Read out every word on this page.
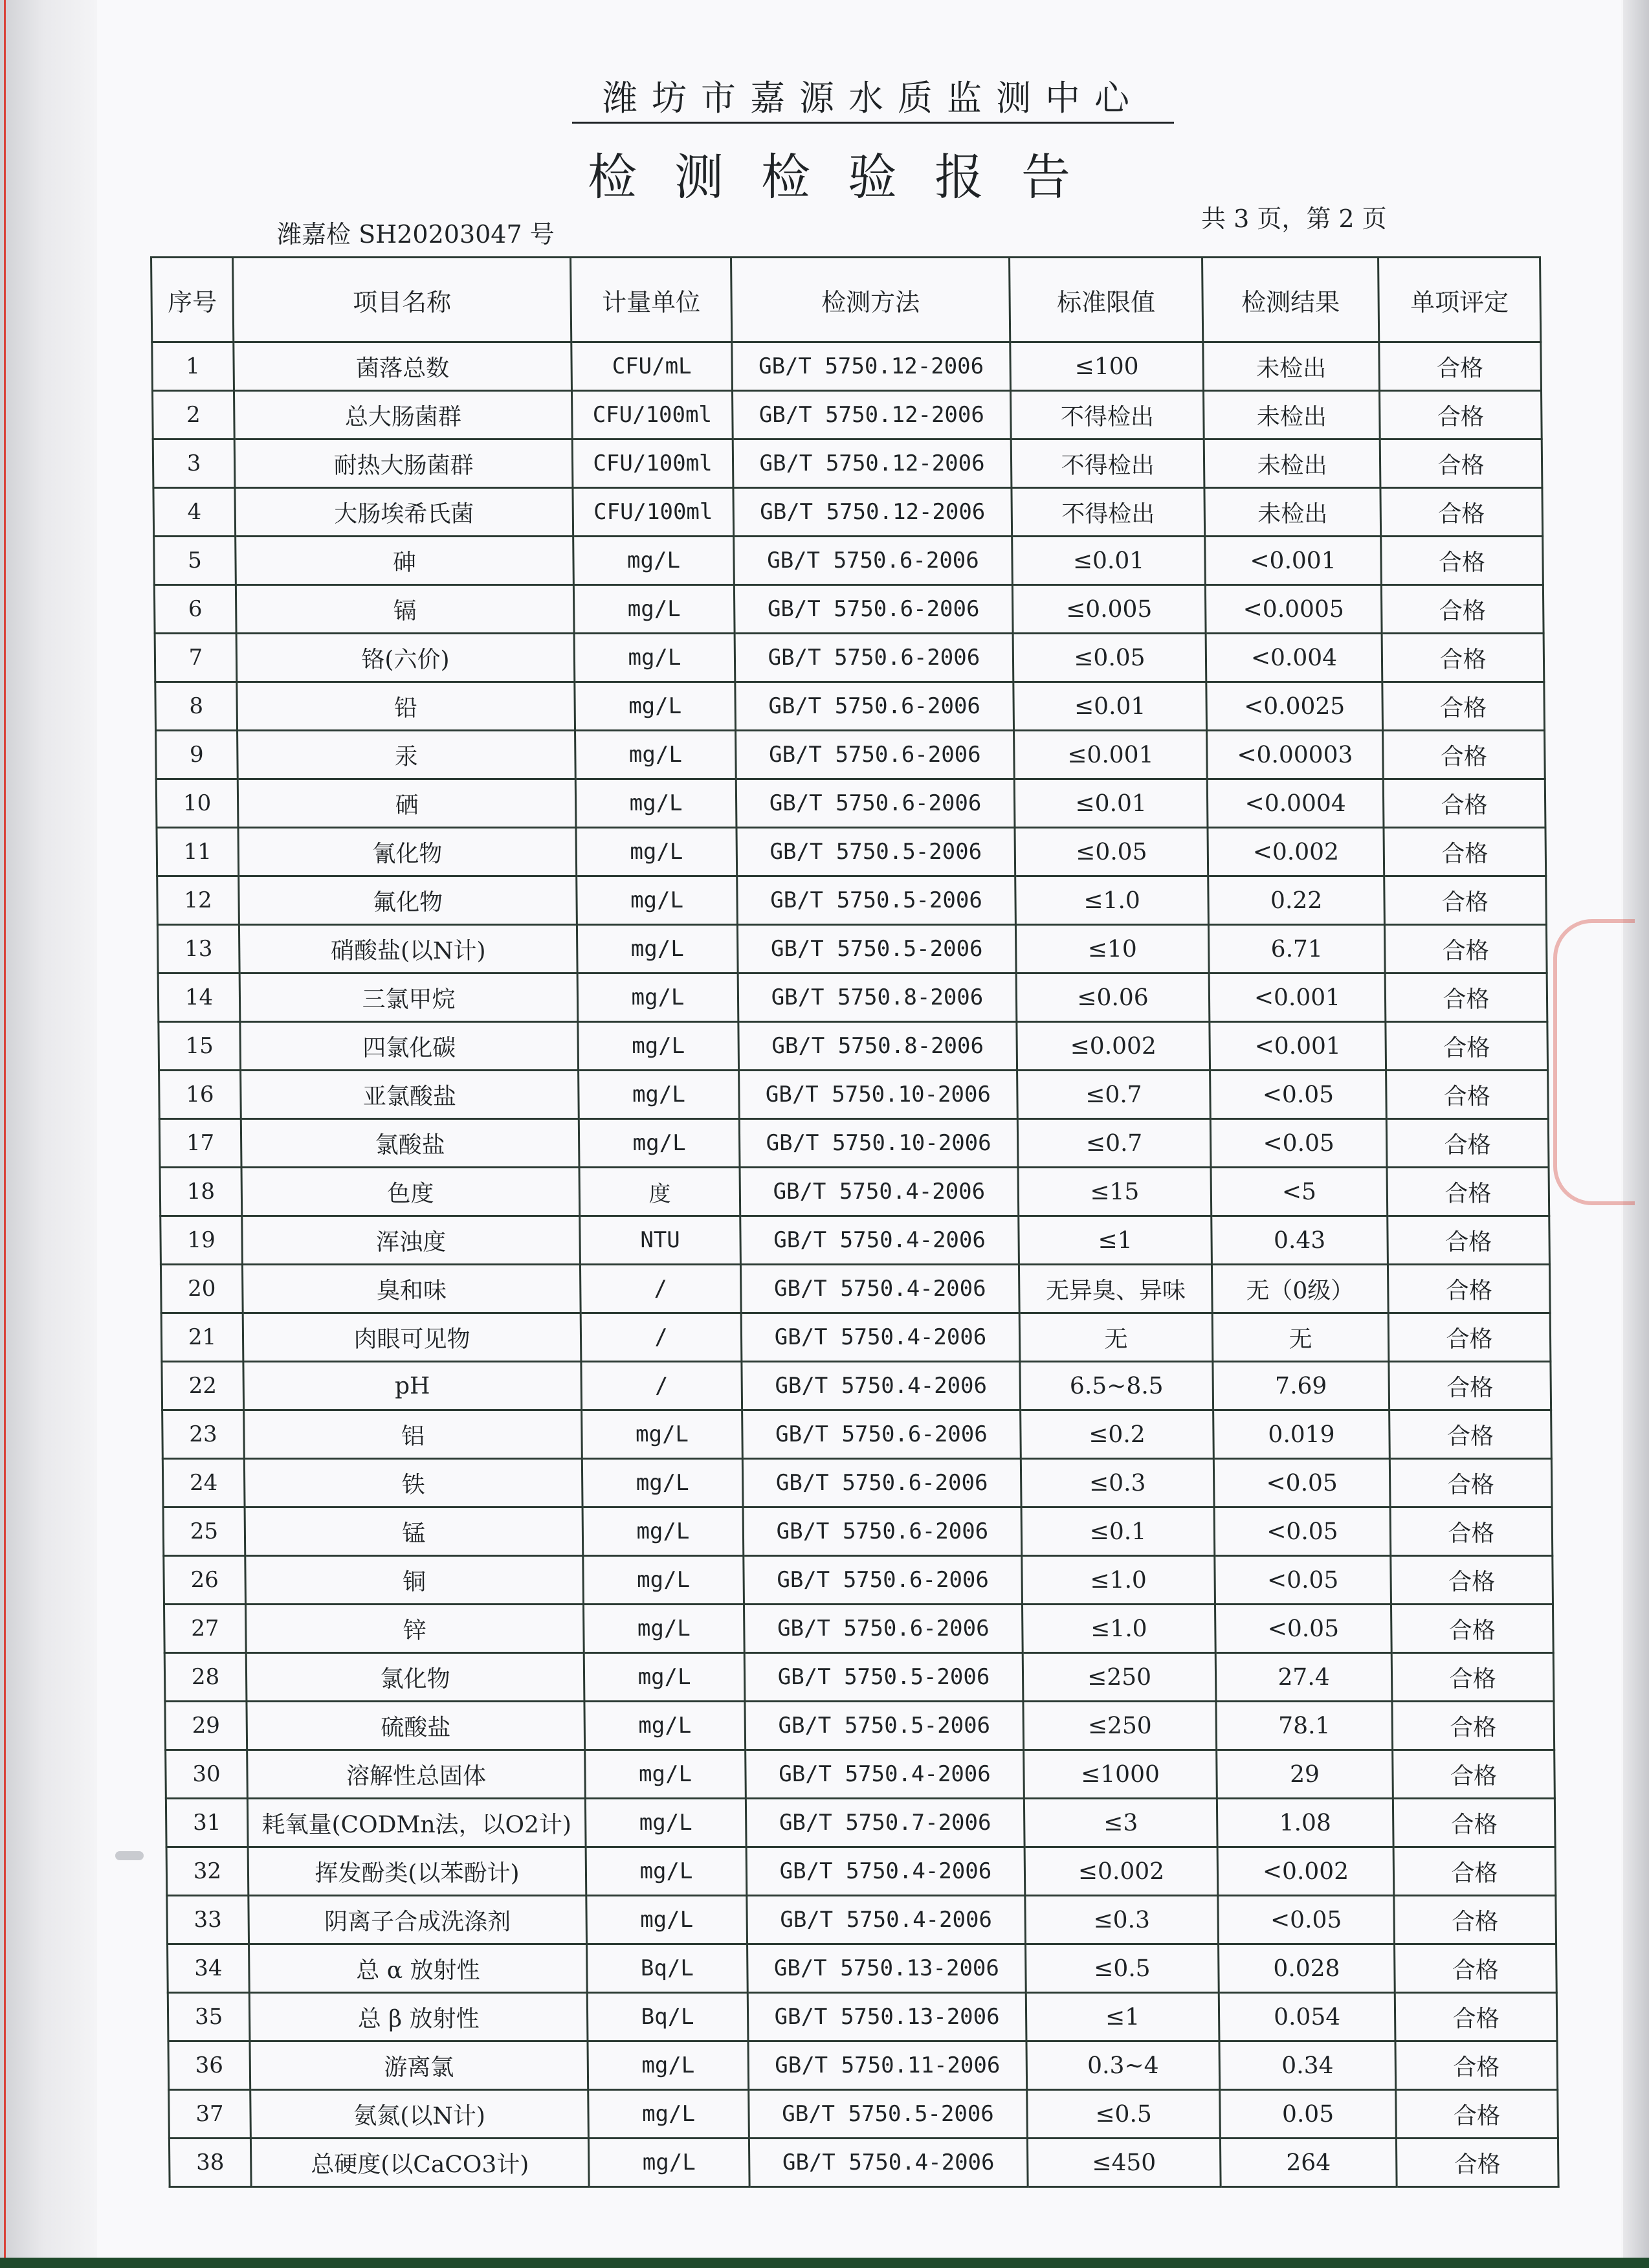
潍坊市嘉源水质监测中心
检测检验报告
潍嘉检 SH20203047 号
共 3 页，第 2 页
序号	项目名称	计量单位	检测方法	标准限值	检测结果	单项评定
1	菌落总数	CFU/mL	GB/T 5750.12-2006	≤100	未检出	合格
2	总大肠菌群	CFU/100ml	GB/T 5750.12-2006	不得检出	未检出	合格
3	耐热大肠菌群	CFU/100ml	GB/T 5750.12-2006	不得检出	未检出	合格
4	大肠埃希氏菌	CFU/100ml	GB/T 5750.12-2006	不得检出	未检出	合格
5	砷	mg/L	GB/T 5750.6-2006	≤0.01	<0.001	合格
6	镉	mg/L	GB/T 5750.6-2006	≤0.005	<0.0005	合格
7	铬(六价)	mg/L	GB/T 5750.6-2006	≤0.05	<0.004	合格
8	铅	mg/L	GB/T 5750.6-2006	≤0.01	<0.0025	合格
9	汞	mg/L	GB/T 5750.6-2006	≤0.001	<0.00003	合格
10	硒	mg/L	GB/T 5750.6-2006	≤0.01	<0.0004	合格
11	氰化物	mg/L	GB/T 5750.5-2006	≤0.05	<0.002	合格
12	氟化物	mg/L	GB/T 5750.5-2006	≤1.0	0.22	合格
13	硝酸盐(以N计)	mg/L	GB/T 5750.5-2006	≤10	6.71	合格
14	三氯甲烷	mg/L	GB/T 5750.8-2006	≤0.06	<0.001	合格
15	四氯化碳	mg/L	GB/T 5750.8-2006	≤0.002	<0.001	合格
16	亚氯酸盐	mg/L	GB/T 5750.10-2006	≤0.7	<0.05	合格
17	氯酸盐	mg/L	GB/T 5750.10-2006	≤0.7	<0.05	合格
18	色度	度	GB/T 5750.4-2006	≤15	<5	合格
19	浑浊度	NTU	GB/T 5750.4-2006	≤1	0.43	合格
20	臭和味	/	GB/T 5750.4-2006	无异臭、异味	无（0级）	合格
21	肉眼可见物	/	GB/T 5750.4-2006	无	无	合格
22	pH	/	GB/T 5750.4-2006	6.5~8.5	7.69	合格
23	铝	mg/L	GB/T 5750.6-2006	≤0.2	0.019	合格
24	铁	mg/L	GB/T 5750.6-2006	≤0.3	<0.05	合格
25	锰	mg/L	GB/T 5750.6-2006	≤0.1	<0.05	合格
26	铜	mg/L	GB/T 5750.6-2006	≤1.0	<0.05	合格
27	锌	mg/L	GB/T 5750.6-2006	≤1.0	<0.05	合格
28	氯化物	mg/L	GB/T 5750.5-2006	≤250	27.4	合格
29	硫酸盐	mg/L	GB/T 5750.5-2006	≤250	78.1	合格
30	溶解性总固体	mg/L	GB/T 5750.4-2006	≤1000	29	合格
31	耗氧量(CODMn法，以O2计)	mg/L	GB/T 5750.7-2006	≤3	1.08	合格
32	挥发酚类(以苯酚计)	mg/L	GB/T 5750.4-2006	≤0.002	<0.002	合格
33	阴离子合成洗涤剂	mg/L	GB/T 5750.4-2006	≤0.3	<0.05	合格
34	总 α 放射性	Bq/L	GB/T 5750.13-2006	≤0.5	0.028	合格
35	总 β 放射性	Bq/L	GB/T 5750.13-2006	≤1	0.054	合格
36	游离氯	mg/L	GB/T 5750.11-2006	0.3~4	0.34	合格
37	氨氮(以N计)	mg/L	GB/T 5750.5-2006	≤0.5	0.05	合格
38	总硬度(以CaCO3计)	mg/L	GB/T 5750.4-2006	≤450	264	合格
